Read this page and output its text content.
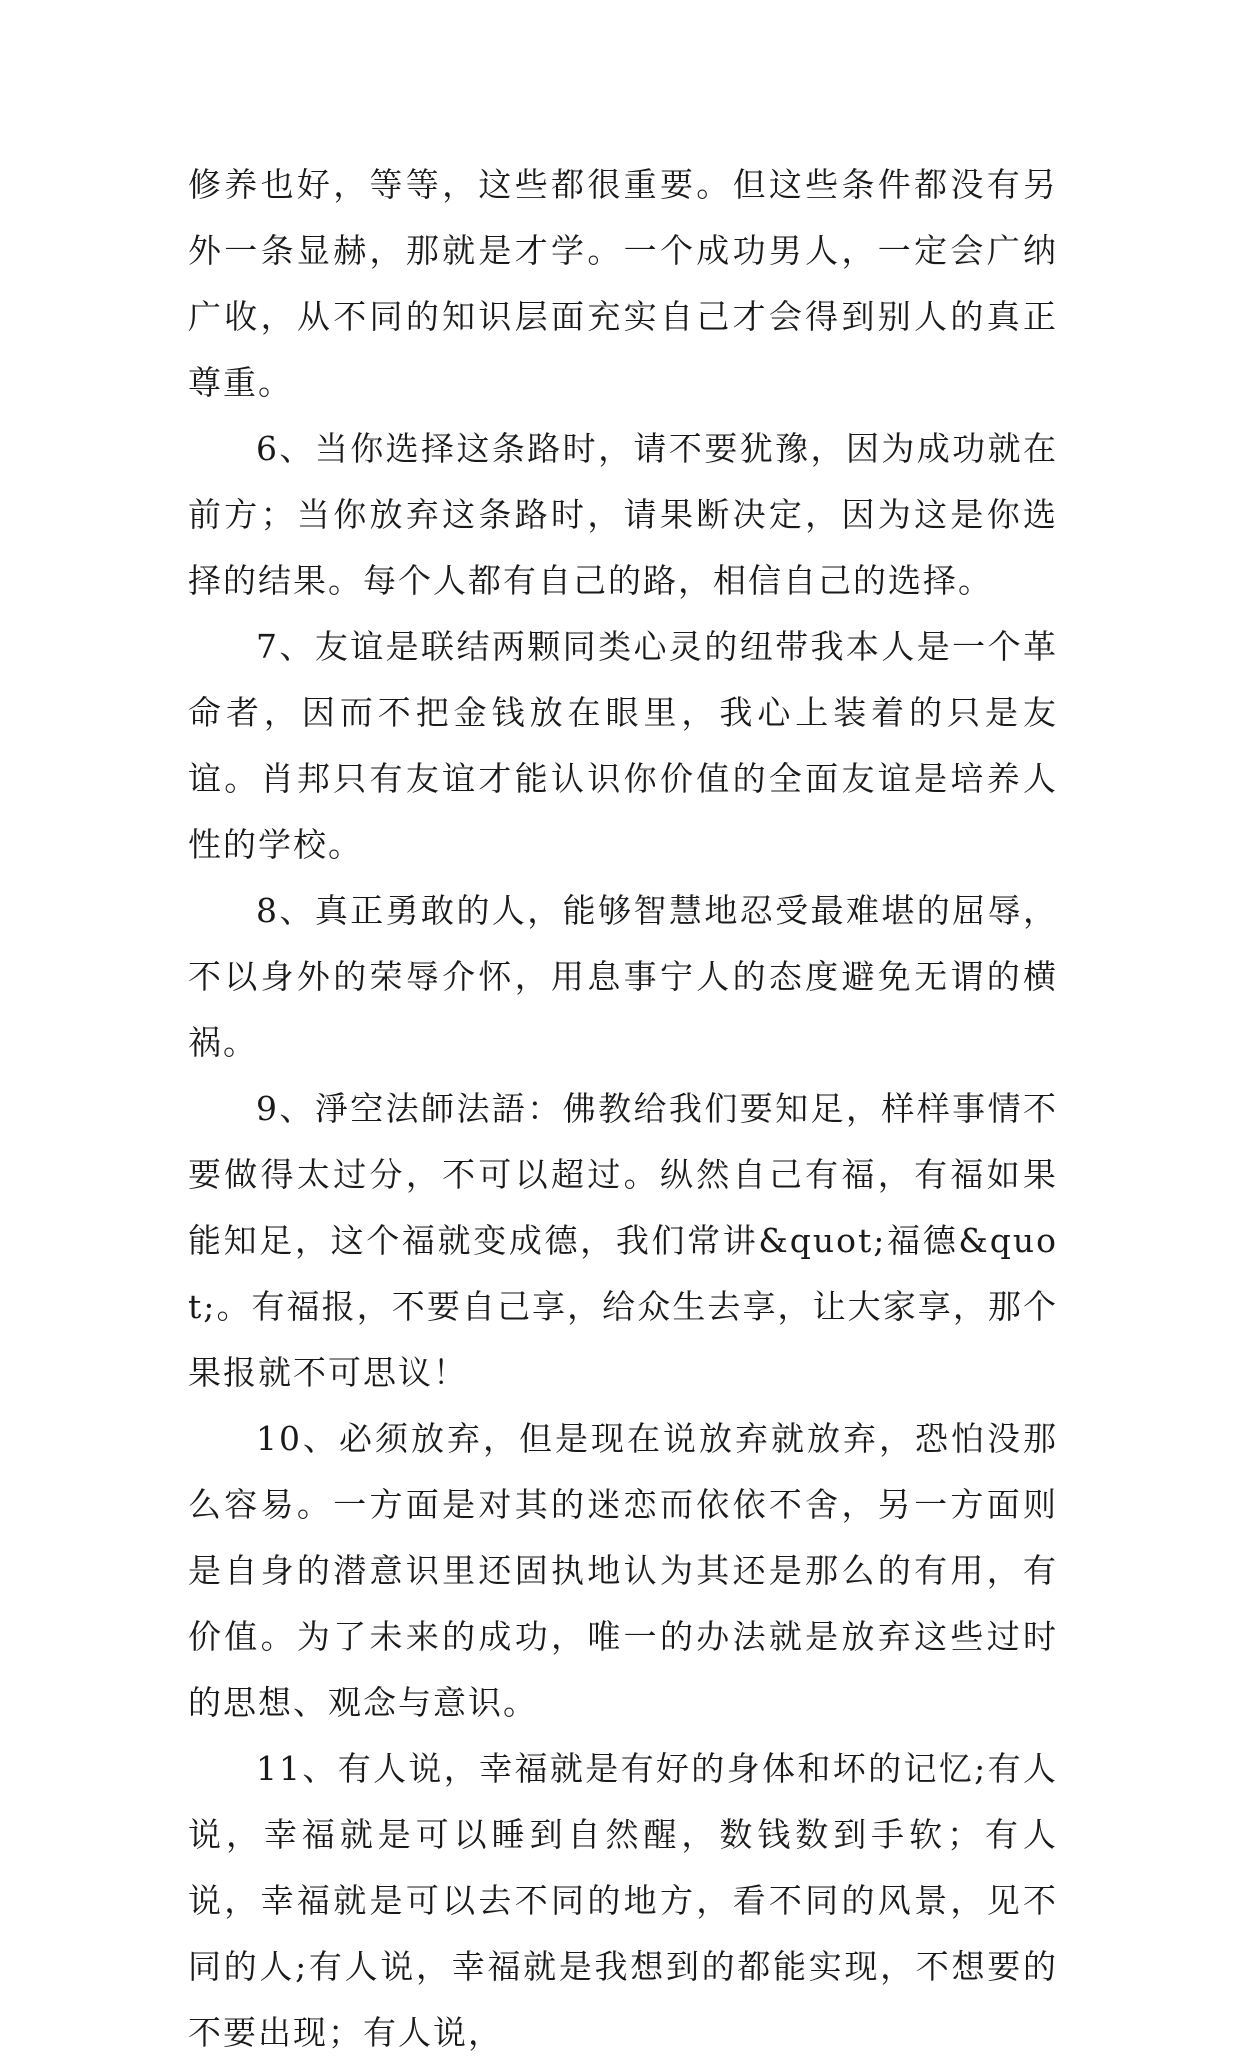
修养也好，等等，这些都很重要。但这些条件都没有另外一条显赫，那就是才学。一个成功男人，一定会广纳广收，从不同的知识层面充实自己才会得到别人的真正尊重。

6、当你选择这条路时，请不要犹豫，因为成功就在前方；当你放弃这条路时，请果断决定，因为这是你选择的结果。每个人都有自己的路，相信自己的选择。

7、友谊是联结两颗同类心灵的纽带我本人是一个革命者，因而不把金钱放在眼里，我心上装着的只是友谊。肖邦只有友谊才能认识你价值的全面友谊是培养人性的学校。

8、真正勇敢的人，能够智慧地忍受最难堪的屈辱，不以身外的荣辱介怀，用息事宁人的态度避免无谓的横祸。

9、淨空法師法語：佛教给我们要知足，样样事情不要做得太过分，不可以超过。纵然自己有福，有福如果能知足，这个福就变成德，我们常讲&quot;福德&quot;。有福报，不要自己享，给众生去享，让大家享，那个果报就不可思议！

10、必须放弃，但是现在说放弃就放弃，恐怕没那么容易。一方面是对其的迷恋而依依不舍，另一方面则是自身的潜意识里还固执地认为其还是那么的有用，有价值。为了未来的成功，唯一的办法就是放弃这些过时的思想、观念与意识。

11、有人说，幸福就是有好的身体和坏的记忆;有人说，幸福就是可以睡到自然醒，数钱数到手软；有人说，幸福就是可以去不同的地方，看不同的风景，见不同的人;有人说，幸福就是我想到的都能实现，不想要的不要出现；有人说，
